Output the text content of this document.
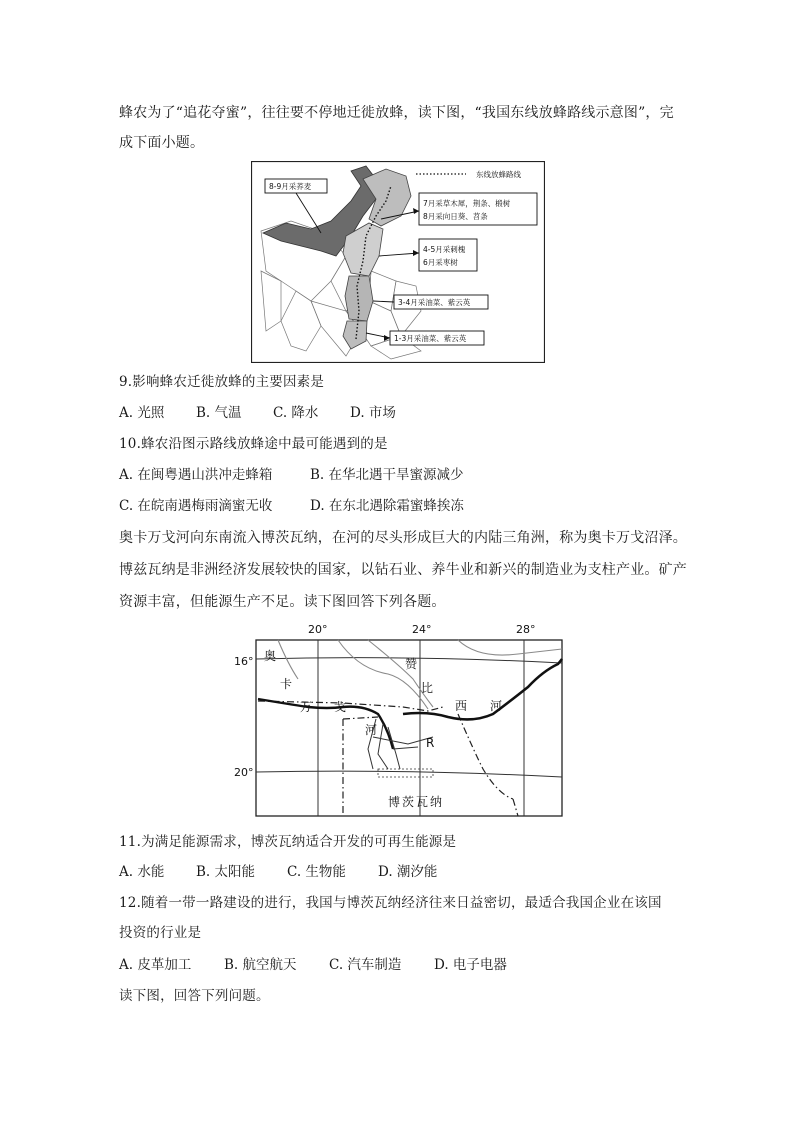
蜂农为了“追花夺蜜”，往往要不停地迁徙放蜂，读下图，“我国东线放蜂路线示意图”，完
成下面小题。
东线放蜂路线
8-9月采荞麦
7月采草木犀，荆条、椴树
8月采向日葵、苕条
4-5月采刺槐
6月采枣树
3-4月采油菜、紫云英
1-3月采油菜、紫云英
9.影响蜂农迁徙放蜂的主要因素是
A. 光照 B. 气温 C. 降水 D. 市场
10.蜂农沿图示路线放蜂途中最可能遇到的是
A. 在闽粤遇山洪冲走蜂箱	B. 在华北遇干旱蜜源减少
C. 在皖南遇梅雨滴蜜无收	D. 在东北遇除霜蜜蜂挨冻
奥卡万戈河向东南流入博茨瓦纳，在河的尽头形成巨大的内陆三角洲，称为奥卡万戈沼泽。
博兹瓦纳是非洲经济发展较快的国家，以钻石业、养牛业和新兴的制造业为支柱产业。矿产
资源丰富，但能源生产不足。读下图回答下列各题。
20°	24°	28°
16°
20°
奥
卡
万 戈
河
赞
比
西 河
R
博茨瓦纳
11.为满足能源需求，博茨瓦纳适合开发的可再生能源是
A. 水能 B. 太阳能 C. 生物能 D. 潮汐能
12.随着一带一路建设的进行，我国与博茨瓦纳经济往来日益密切，最适合我国企业在该国
投资的行业是
A. 皮革加工 B. 航空航天 C. 汽车制造 D. 电子电器
读下图，回答下列问题。
